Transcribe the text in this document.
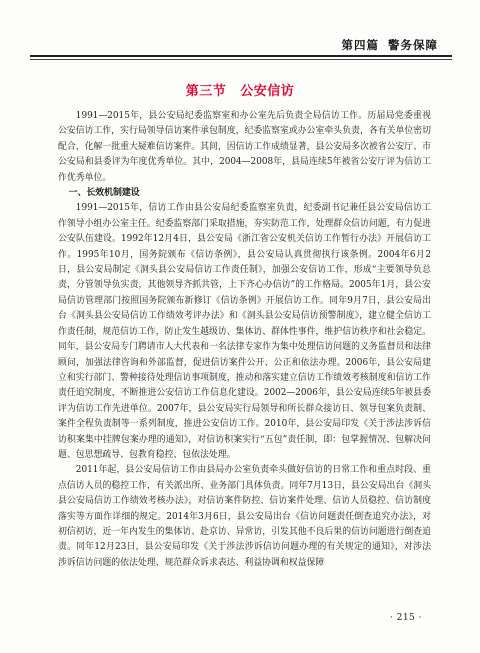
第四篇 警务保障
第三节 公安信访

1991—2015年，县公安局纪委监察室和办公室先后负责全局信访工作。历届局党委重视公安信访工作，实行局领导信访案件承包制度，纪委监察室或办公室牵头负责，各有关单位密切配合，化解一批重大疑难信访案件。其间，因信访工作成绩显著，县公安局多次被省公安厅、市公安局和县委评为年度优秀单位。其中，2004—2008年，县局连续5年被省公安厅评为信访工作优秀单位。

一、长效机制建设

1991—2015年，信访工作由县公安局纪委监察室负责，纪委副书记兼任县公安局信访工作领导小组办公室主任。纪委监察部门采取措施，夯实防范工作，处理群众信访问题，有力促进公安队伍建设。1992年12月4日，县公安局《浙江省公安机关信访工作暂行办法》开展信访工作。1995年10月，国务院颁布《信访条例》，县公安局认真贯彻执行该条例。2004年6月2日，县公安局制定《洞头县公安局信访工作责任制》，加强公安信访工作，形成“主要领导负总责，分管领导负实责，其他领导齐抓共管，上下齐心办信访”的工作格局。2005年1月，县公安局信访管理部门按照国务院颁布新修订《信访条例》开展信访工作。同年9月7日，县公安局出台《洞头县公安局信访工作绩效考评办法》和《洞头县公安局信访预警制度》，建立健全信访工作责任制，规范信访工作，防止发生越级访、集体访、群体性事件，维护信访秩序和社会稳定。同年，县公安局专门聘请市人大代表和一名法律专家作为集中处理信访问题的义务监督员和法律顾问，加强法律咨询和外部监督，促进信访案件公开、公正和依法办理。2006年，县公安局建立和实行部门、警种接待处理信访事项制度，推动和落实建立信访工作绩效考核制度和信访工作责任追究制度，不断推进公安信访工作信息化建设。2002—2006年，县公安局连续5年被县委评为信访工作先进单位。2007年，县公安局实行局领导和所长群众接访日、领导包案负责制、案件全程负责制等一系列制度，推进公安信访工作。2010年，县公安局印发《关于涉法涉诉信访积案集中挂牌包案办理的通知》，对信访积案实行“五包”责任制，即：包掌握情况、包解决问题、包思想疏导、包教育稳控、包依法处理。

2011年起，县公安局信访工作由县局办公室负责牵头做好信访的日常工作和重点时段、重点信访人员的稳控工作，有关派出所、业务部门具体负责。同年7月13日，县公安局出台《洞头县公安局信访工作绩效考核办法》，对信访案件防控、信访案件处理、信访人员稳控、信访制度落实等方面作详细的规定。2014年3月6日，县公安局出台《信访问题责任倒查追究办法》，对初信初访，近一年内发生的集体访、赴京访、异常访，引发其他不良后果的信访问题进行倒查追责。同年12月23日，县公安局印发《关于涉法涉诉信访问题办理的有关规定的通知》，对涉法涉诉信访问题的依法处理、规范群众诉求表达、利益协调和权益保障

· 215 ·
